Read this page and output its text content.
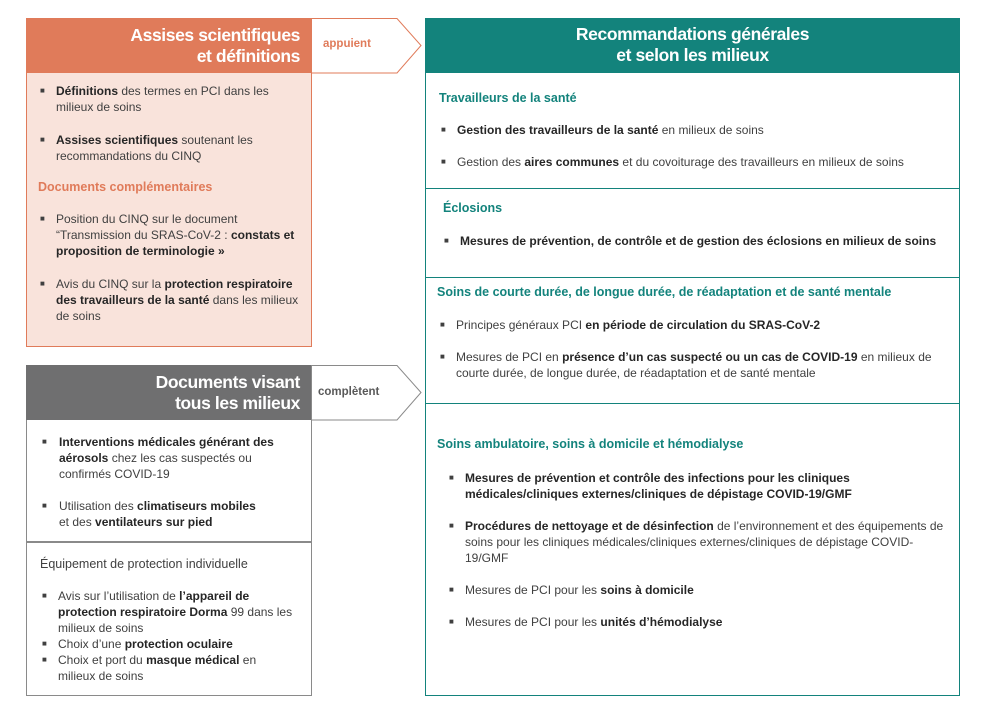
Assises scientifiques
et définitions
appuient
■ Définitions des termes en PCI dans les milieux de soins
■ Assises scientifiques soutenant les recommandations du CINQ
Documents complémentaires
■ Position du CINQ sur le document “Transmission du SRAS-CoV-2 : constats et proposition de terminologie »
■ Avis du CINQ sur la protection respiratoire des travailleurs de la santé dans les milieux de soins
Documents visant
tous les milieux
complètent
■ Interventions médicales générant des aérosols chez les cas suspectés ou confirmés COVID-19
■ Utilisation des climatiseurs mobiles
et des ventilateurs sur pied
Équipement de protection individuelle
■ Avis sur l’utilisation de l’appareil de protection respiratoire Dorma 99 dans les milieux de soins
■ Choix d’une protection oculaire
■ Choix et port du masque médical en milieux de soins
Recommandations générales
et selon les milieux
Travailleurs de la santé
■ Gestion des travailleurs de la santé en milieux de soins
■ Gestion des aires communes et du covoiturage des travailleurs en milieux de soins
Éclosions
■ Mesures de prévention, de contrôle et de gestion des éclosions en milieux de soins
Soins de courte durée, de longue durée, de réadaptation et de santé mentale
■ Principes généraux PCI en période de circulation du SRAS-CoV-2
■ Mesures de PCI en présence d’un cas suspecté ou un cas de COVID-19 en milieux de courte durée, de longue durée, de réadaptation et de santé mentale
Soins ambulatoire, soins à domicile et hémodialyse
■ Mesures de prévention et contrôle des infections pour les cliniques médicales/cliniques externes/cliniques de dépistage COVID-19/GMF
■ Procédures de nettoyage et de désinfection de l’environnement et des équipements de soins pour les cliniques médicales/cliniques externes/cliniques de dépistage COVID-19/GMF
■ Mesures de PCI pour les soins à domicile
■ Mesures de PCI pour les unités d’hémodialyse
